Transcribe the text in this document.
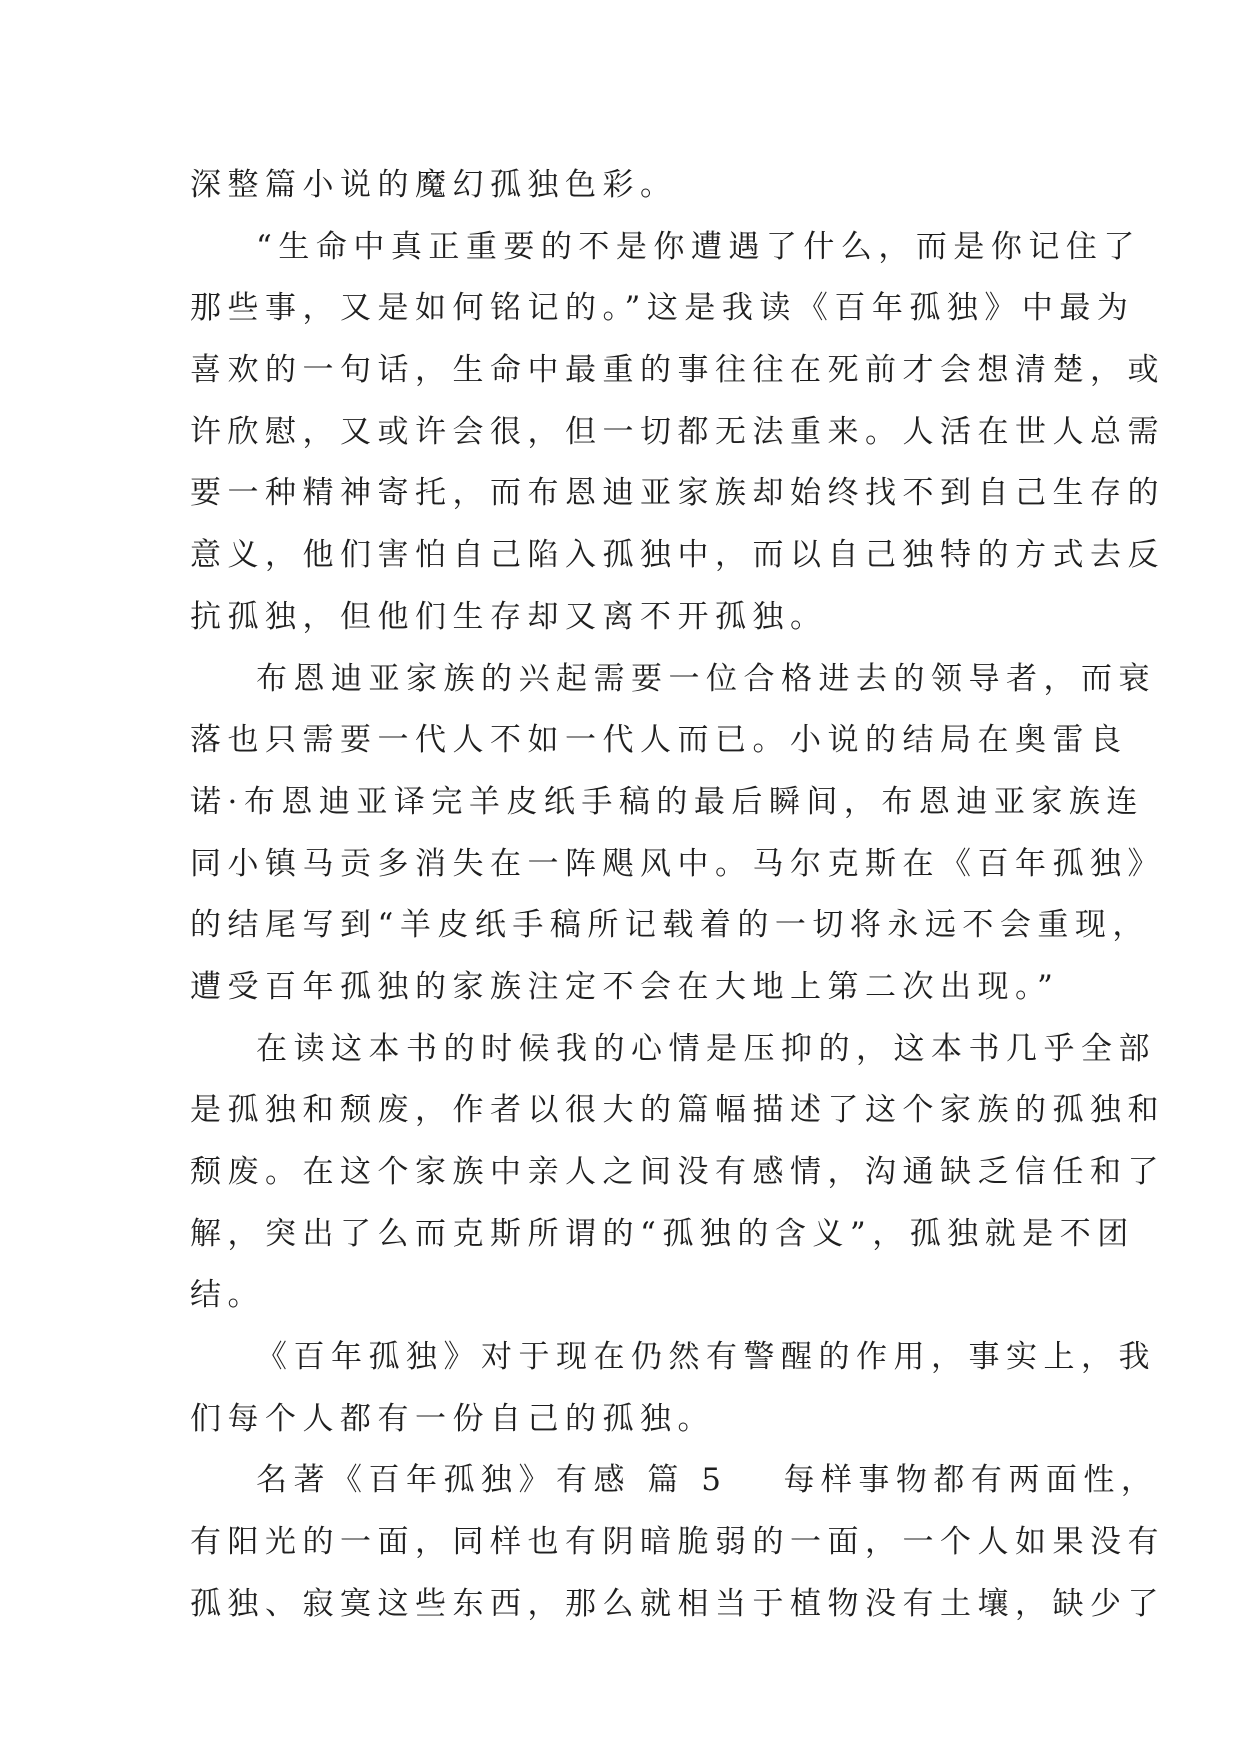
深整篇小说的魔幻孤独色彩。
“生命中真正重要的不是你遭遇了什么，而是你记住了
那些事，又是如何铭记的。”这是我读《百年孤独》中最为
喜欢的一句话，生命中最重的事往往在死前才会想清楚，或
许欣慰，又或许会很，但一切都无法重来。人活在世人总需
要一种精神寄托，而布恩迪亚家族却始终找不到自己生存的
意义，他们害怕自己陷入孤独中，而以自己独特的方式去反
抗孤独，但他们生存却又离不开孤独。
布恩迪亚家族的兴起需要一位合格进去的领导者，而衰
落也只需要一代人不如一代人而已。小说的结局在奥雷良
诺·布恩迪亚译完羊皮纸手稿的最后瞬间，布恩迪亚家族连
同小镇马贡多消失在一阵飓风中。马尔克斯在《百年孤独》
的结尾写到“羊皮纸手稿所记载着的一切将永远不会重现，
遭受百年孤独的家族注定不会在大地上第二次出现。”
在读这本书的时候我的心情是压抑的，这本书几乎全部
是孤独和颓废，作者以很大的篇幅描述了这个家族的孤独和
颓废。在这个家族中亲人之间没有感情，沟通缺乏信任和了
解，突出了么而克斯所谓的“孤独的含义”，孤独就是不团
结。
《百年孤独》对于现在仍然有警醒的作用，事实上，我
们每个人都有一份自己的孤独。
名著《百年孤独》有感 篇 5 每样事物都有两面性，
有阳光的一面，同样也有阴暗脆弱的一面，一个人如果没有
孤独、寂寞这些东西，那么就相当于植物没有土壤，缺少了
